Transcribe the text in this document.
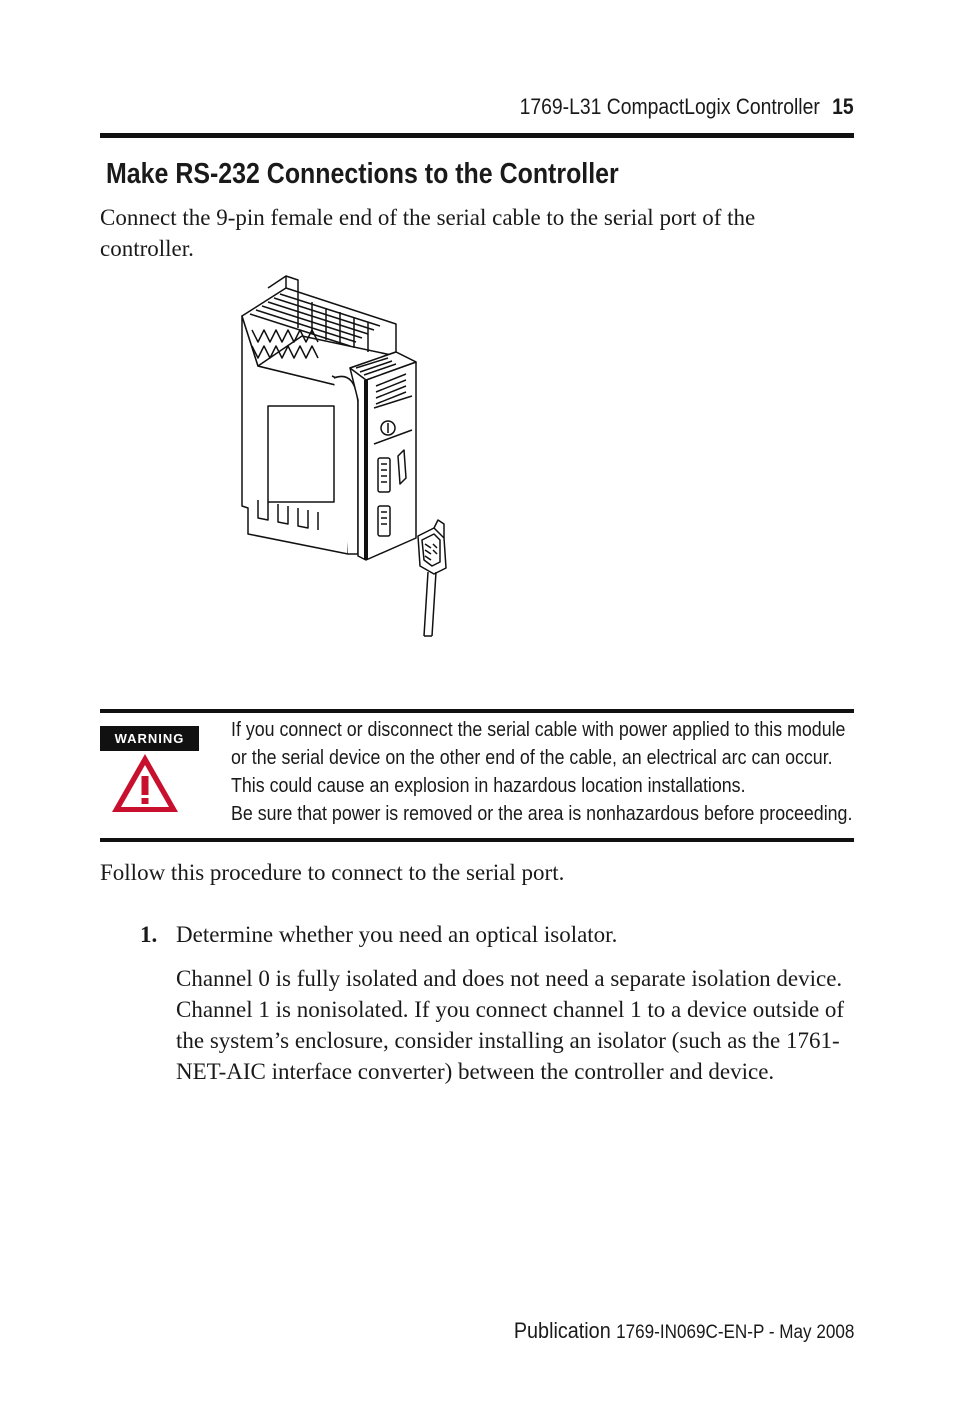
1769-L31 CompactLogix Controller 15
Make RS-232 Connections to the Controller
Connect the 9-pin female end of the serial cable to the serial port of the controller.
WARNING	If you connect or disconnect the serial cable with power applied to this module
or the serial device on the other end of the cable, an electrical arc can occur.
This could cause an explosion in hazardous location installations.
Be sure that power is removed or the area is nonhazardous before proceeding.
Follow this procedure to connect to the serial port.
1. Determine whether you need an optical isolator.
Channel 0 is fully isolated and does not need a separate isolation device. Channel 1 is nonisolated. If you connect channel 1 to a device outside of the system’s enclosure, consider installing an isolator (such as the 1761-NET-AIC interface converter) between the controller and device.
Publication 1769-IN069C-EN-P - May 2008
